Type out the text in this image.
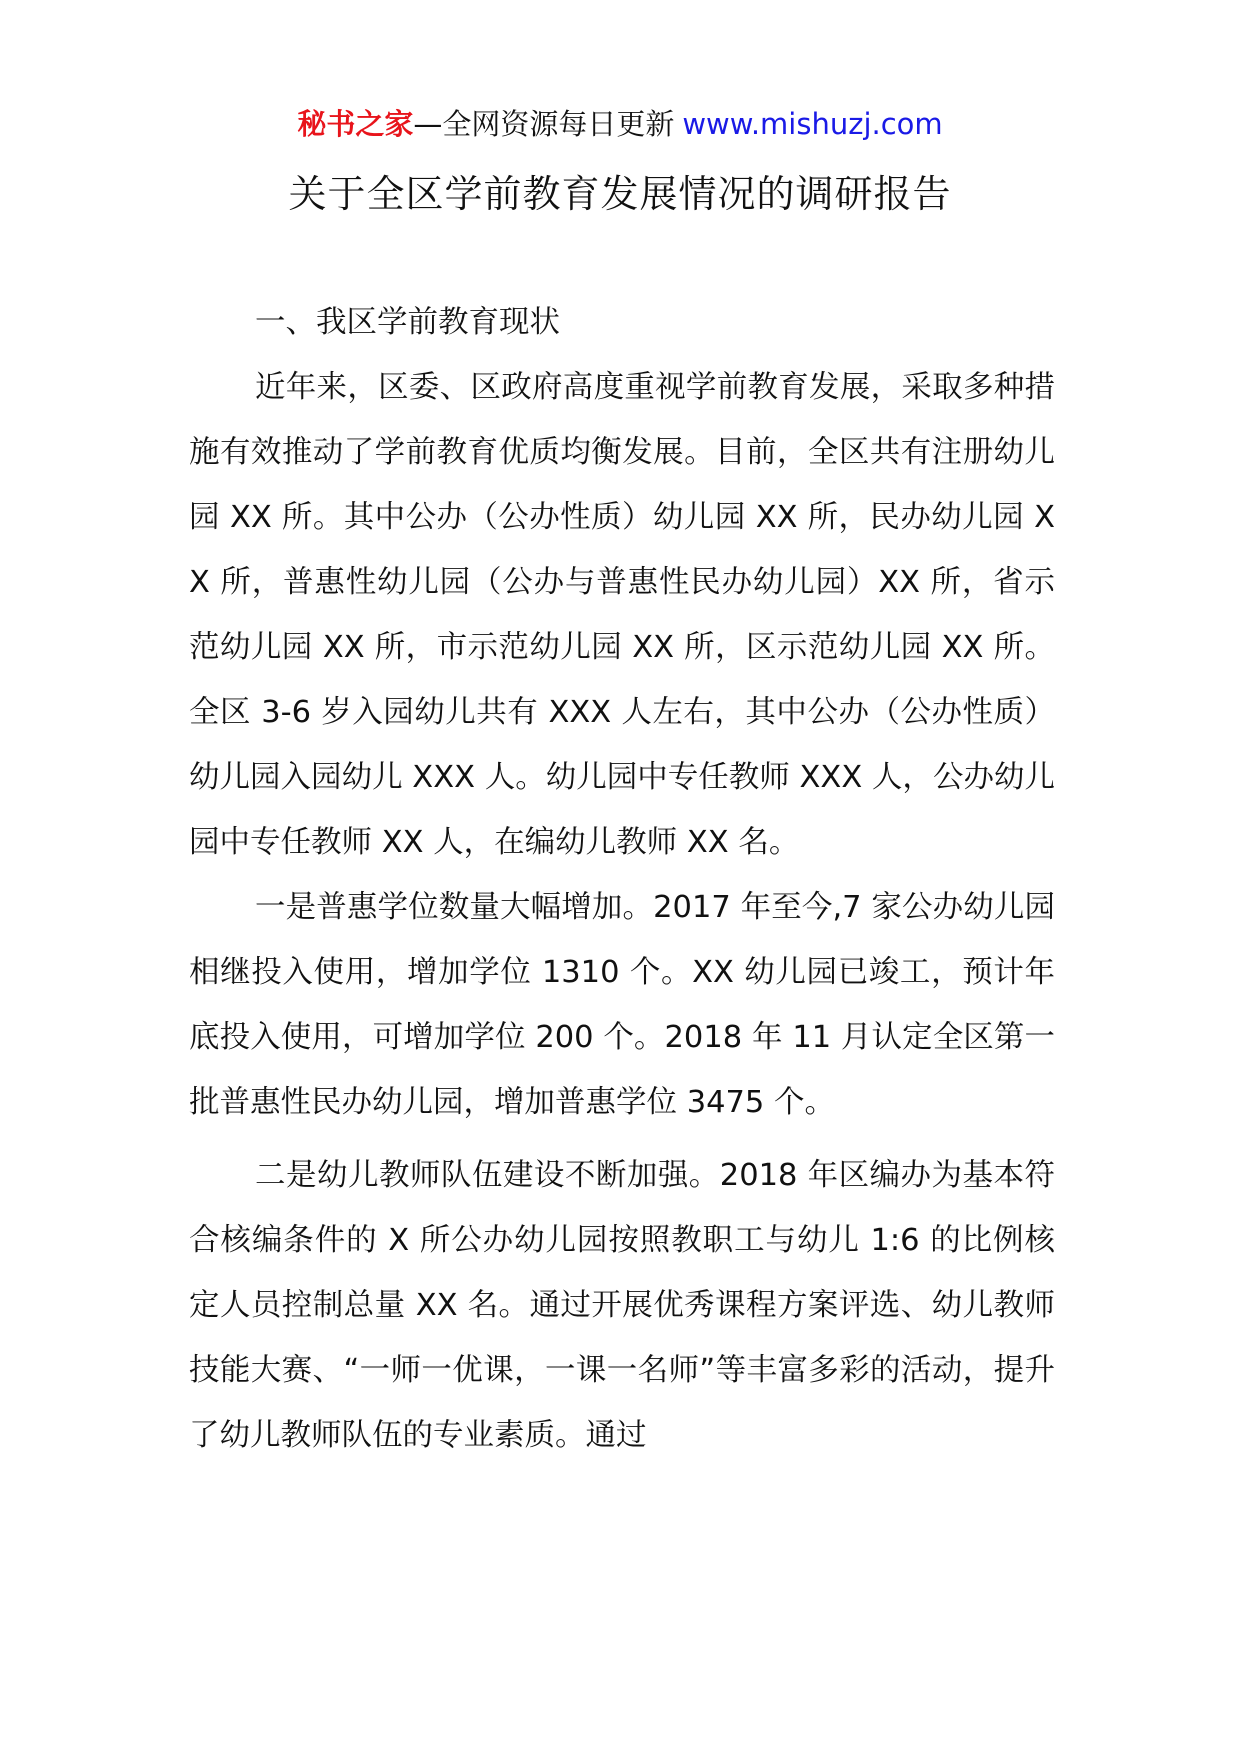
秘书之家—全网资源每日更新 www.mishuzj.com
关于全区学前教育发展情况的调研报告

一、我区学前教育现状

近年来，区委、区政府高度重视学前教育发展，采取多种措施有效推动了学前教育优质均衡发展。目前，全区共有注册幼儿园 XX 所。其中公办（公办性质）幼儿园 XX 所，民办幼儿园 XX 所，普惠性幼儿园（公办与普惠性民办幼儿园）XX 所，省示范幼儿园 XX 所，市示范幼儿园 XX 所，区示范幼儿园 XX 所。全区 3-6 岁入园幼儿共有 XXX 人左右，其中公办（公办性质）幼儿园入园幼儿 XXX 人。幼儿园中专任教师 XXX 人，公办幼儿园中专任教师 XX 人，在编幼儿教师 XX 名。

一是普惠学位数量大幅增加。2017 年至今,7 家公办幼儿园相继投入使用，增加学位 1310 个。XX 幼儿园已竣工，预计年底投入使用，可增加学位 200 个。2018 年 11 月认定全区第一批普惠性民办幼儿园，增加普惠学位 3475 个。

二是幼儿教师队伍建设不断加强。2018 年区编办为基本符合核编条件的 X 所公办幼儿园按照教职工与幼儿 1:6 的比例核定人员控制总量 XX 名。通过开展优秀课程方案评选、幼儿教师技能大赛、“一师一优课，一课一名师”等丰富多彩的活动，提升了幼儿教师队伍的专业素质。通过
